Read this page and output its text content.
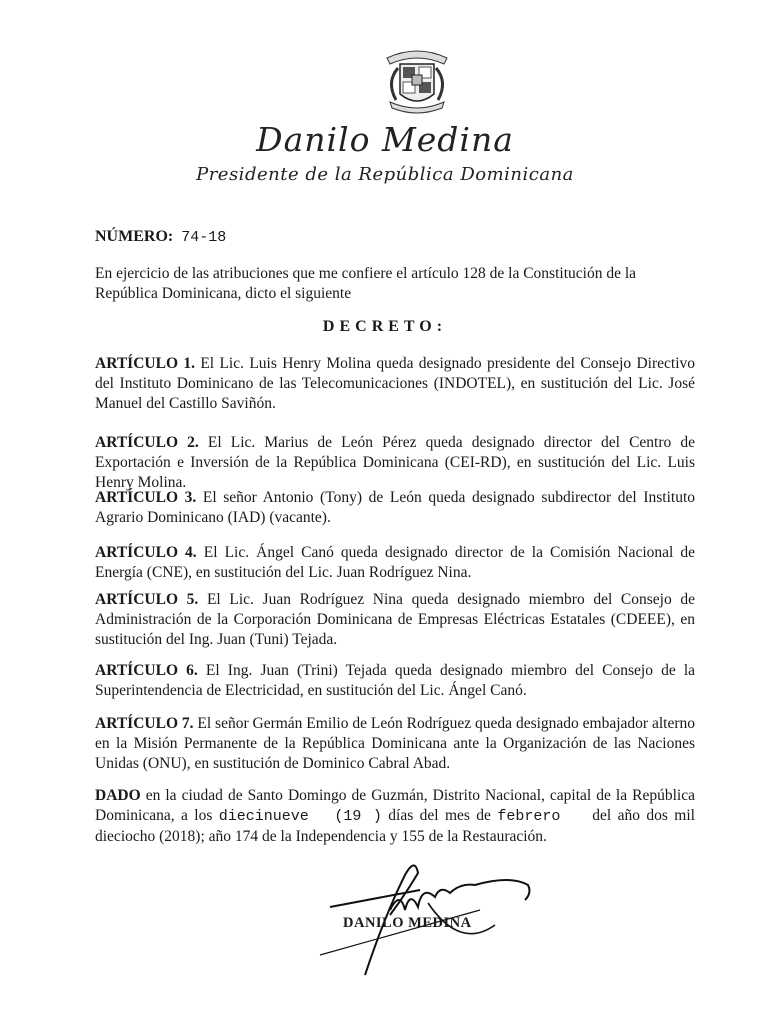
Danilo Medina
Presidente de la República Dominicana
NÚMERO: 74-18
En ejercicio de las atribuciones que me confiere el artículo 128 de la Constitución de la República Dominicana, dicto el siguiente
DECRETO:
ARTÍCULO 1. El Lic. Luis Henry Molina queda designado presidente del Consejo Directivo del Instituto Dominicano de las Telecomunicaciones (INDOTEL), en sustitución del Lic. José Manuel del Castillo Saviñón.
ARTÍCULO 2. El Lic. Marius de León Pérez queda designado director del Centro de Exportación e Inversión de la República Dominicana (CEI-RD), en sustitución del Lic. Luis Henry Molina.
ARTÍCULO 3. El señor Antonio (Tony) de León queda designado subdirector del Instituto Agrario Dominicano (IAD) (vacante).
ARTÍCULO 4. El Lic. Ángel Canó queda designado director de la Comisión Nacional de Energía (CNE), en sustitución del Lic. Juan Rodríguez Nina.
ARTÍCULO 5. El Lic. Juan Rodríguez Nina queda designado miembro del Consejo de Administración de la Corporación Dominicana de Empresas Eléctricas Estatales (CDEEE), en sustitución del Ing. Juan (Tuni) Tejada.
ARTÍCULO 6. El Ing. Juan (Trini) Tejada queda designado miembro del Consejo de la Superintendencia de Electricidad, en sustitución del Lic. Ángel Canó.
ARTÍCULO 7. El señor Germán Emilio de León Rodríguez queda designado embajador alterno en la Misión Permanente de la República Dominicana ante la Organización de las Naciones Unidas (ONU), en sustitución de Dominico Cabral Abad.
DADO en la ciudad de Santo Domingo de Guzmán, Distrito Nacional, capital de la República Dominicana, a los diecinueve (19 ) días del mes de febrero del año dos mil dieciocho (2018); año 174 de la Independencia y 155 de la Restauración.
DANILO MEDINA
